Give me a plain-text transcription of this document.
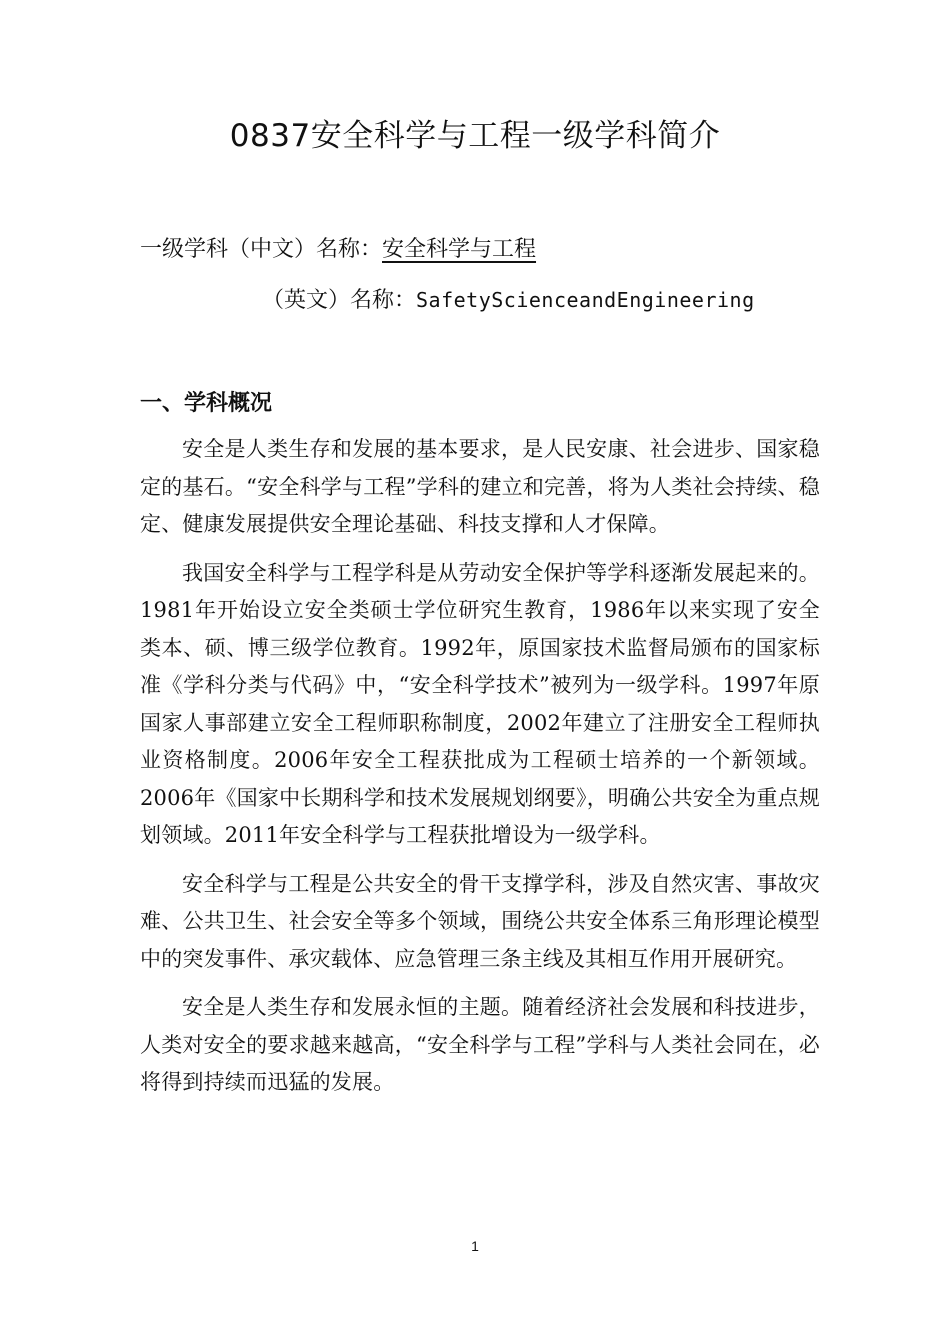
0837安全科学与工程一级学科简介
一级学科（中文）名称：安全科学与工程
（英文）名称：SafetyScienceandEngineering
一、学科概况

安全是人类生存和发展的基本要求，是人民安康、社会进步、国家稳定的基石。“安全科学与工程”学科的建立和完善，将为人类社会持续、稳定、健康发展提供安全理论基础、科技支撑和人才保障。

我国安全科学与工程学科是从劳动安全保护等学科逐渐发展起来的。1981年开始设立安全类硕士学位研究生教育，1986年以来实现了安全类本、硕、博三级学位教育。1992年，原国家技术监督局颁布的国家标准《学科分类与代码》中，“安全科学技术”被列为一级学科。1997年原国家人事部建立安全工程师职称制度，2002年建立了注册安全工程师执业资格制度。2006年安全工程获批成为工程硕士培养的一个新领域。2006年《国家中长期科学和技术发展规划纲要》，明确公共安全为重点规划领域。2011年安全科学与工程获批增设为一级学科。

安全科学与工程是公共安全的骨干支撑学科，涉及自然灾害、事故灾难、公共卫生、社会安全等多个领域，围绕公共安全体系三角形理论模型中的突发事件、承灾载体、应急管理三条主线及其相互作用开展研究。

安全是人类生存和发展永恒的主题。随着经济社会发展和科技进步，人类对安全的要求越来越高，“安全科学与工程”学科与人类社会同在，必将得到持续而迅猛的发展。

1
